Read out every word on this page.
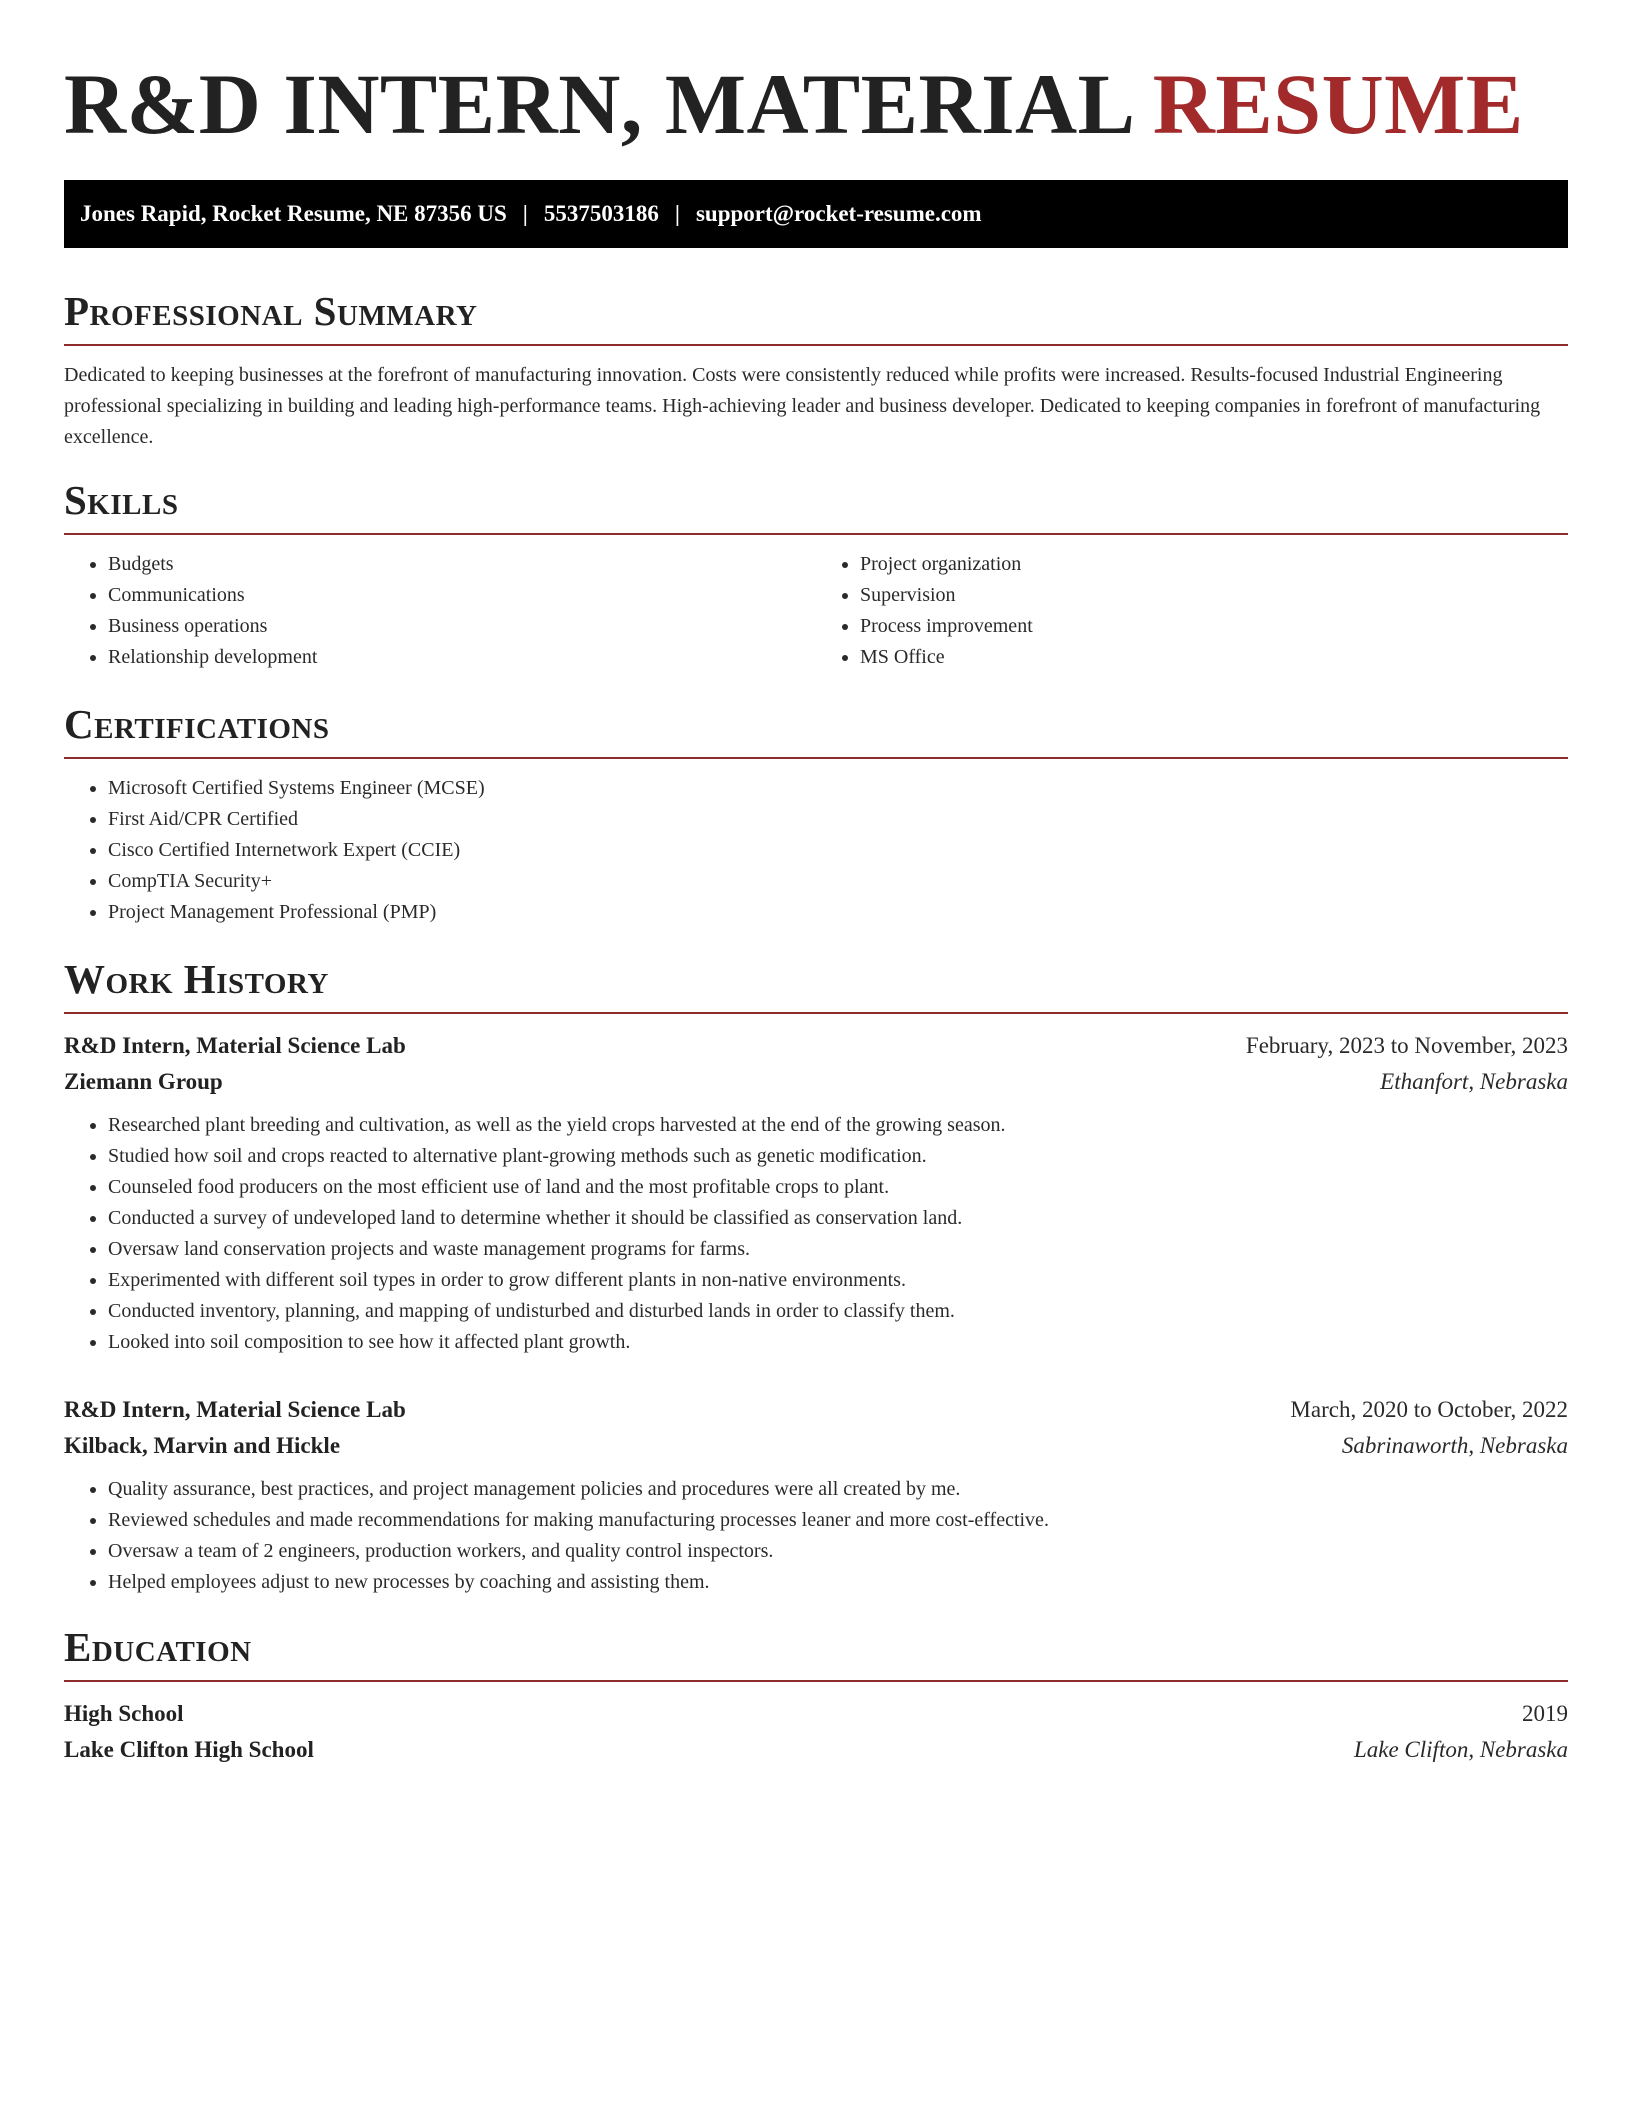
R&D INTERN, MATERIAL RESUME
Jones Rapid, Rocket Resume, NE 87356 US | 5537503186 | support@rocket-resume.com
Professional Summary

Dedicated to keeping businesses at the forefront of manufacturing innovation. Costs were consistently reduced while profits were increased. Results-focused Industrial Engineering professional specializing in building and leading high-performance teams. High-achieving leader and business developer. Dedicated to keeping companies in forefront of manufacturing excellence.

Skills
• Budgets
• Communications
• Business operations
• Relationship development
• Project organization
• Supervision
• Process improvement
• MS Office
Certifications
• Microsoft Certified Systems Engineer (MCSE)
• First Aid/CPR Certified
• Cisco Certified Internetwork Expert (CCIE)
• CompTIA Security+
• Project Management Professional (PMP)
Work History
R&D Intern, Material Science Lab	February, 2023 to November, 2023
Ziemann Group	Ethanfort, Nebraska
• Researched plant breeding and cultivation, as well as the yield crops harvested at the end of the growing season.
• Studied how soil and crops reacted to alternative plant-growing methods such as genetic modification.
• Counseled food producers on the most efficient use of land and the most profitable crops to plant.
• Conducted a survey of undeveloped land to determine whether it should be classified as conservation land.
• Oversaw land conservation projects and waste management programs for farms.
• Experimented with different soil types in order to grow different plants in non-native environments.
• Conducted inventory, planning, and mapping of undisturbed and disturbed lands in order to classify them.
• Looked into soil composition to see how it affected plant growth.
R&D Intern, Material Science Lab	March, 2020 to October, 2022
Kilback, Marvin and Hickle	Sabrinaworth, Nebraska
• Quality assurance, best practices, and project management policies and procedures were all created by me.
• Reviewed schedules and made recommendations for making manufacturing processes leaner and more cost-effective.
• Oversaw a team of 2 engineers, production workers, and quality control inspectors.
• Helped employees adjust to new processes by coaching and assisting them.
Education
High School	2019
Lake Clifton High School	Lake Clifton, Nebraska
